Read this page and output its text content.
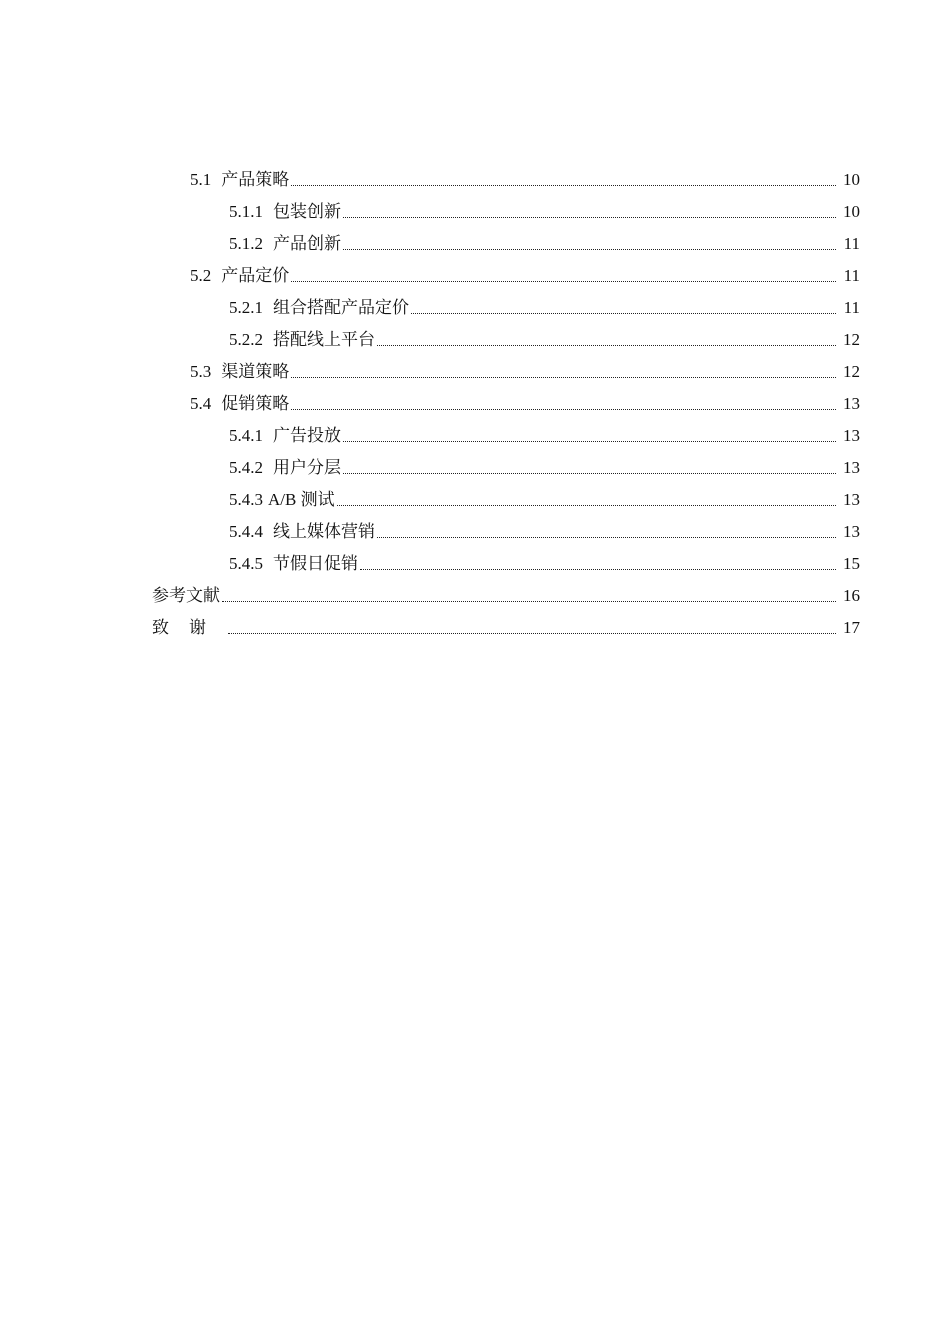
5.1 产品策略	10
5.1.1 包装创新	10
5.1.2 产品创新	11
5.2 产品定价	11
5.2.1 组合搭配产品定价	11
5.2.2 搭配线上平台	12
5.3 渠道策略	12
5.4 促销策略	13
5.4.1 广告投放	13
5.4.2 用户分层	13
5.4.3 A/B 测试	13
5.4.4 线上媒体营销	13
5.4.5 节假日促销	15
参考文献	16
致谢	17
